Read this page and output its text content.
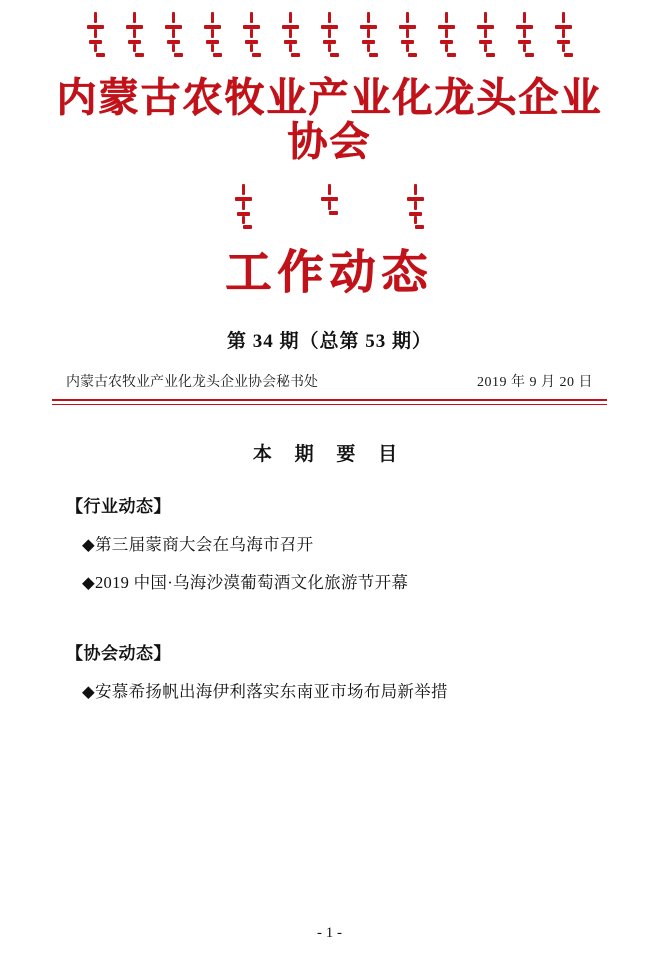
内蒙古农牧业产业化龙头企业协会
工作动态
第 34 期（总第 53 期）
内蒙古农牧业产业化龙头企业协会秘书处	2019 年 9 月 20 日
本 期 要 目
【行业动态】
◆第三届蒙商大会在乌海市召开
◆2019 中国·乌海沙漠葡萄酒文化旅游节开幕
【协会动态】
◆安慕希扬帆出海伊利落实东南亚市场布局新举措
- 1 -
